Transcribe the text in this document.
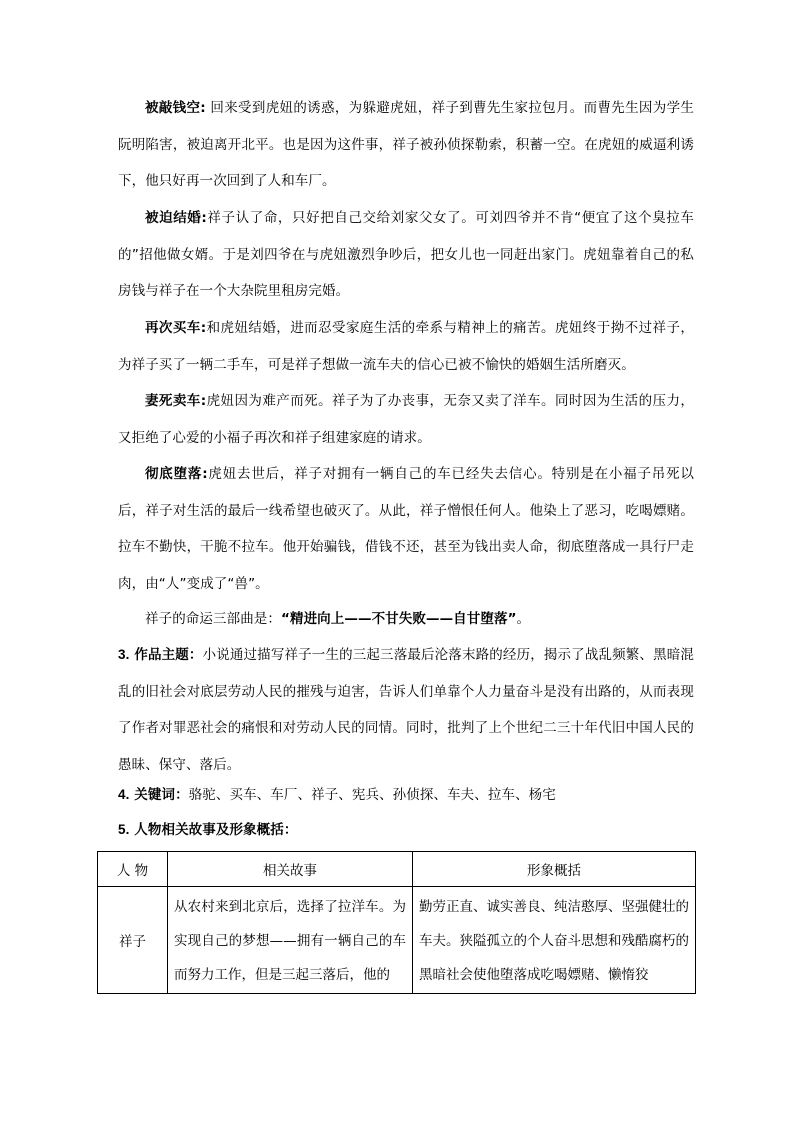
被敲钱空: 回来受到虎妞的诱惑，为躲避虎妞，祥子到曹先生家拉包月。而曹先生因为学生阮明陷害，被迫离开北平。也是因为这件事，祥子被孙侦探勒索，积蓄一空。在虎妞的威逼利诱下，他只好再一次回到了人和车厂。

被迫结婚:祥子认了命，只好把自己交给刘家父女了。可刘四爷并不肯“便宜了这个臭拉车的”招他做女婿。于是刘四爷在与虎妞激烈争吵后，把女儿也一同赶出家门。虎妞靠着自己的私房钱与祥子在一个大杂院里租房完婚。

再次买车:和虎妞结婚，进而忍受家庭生活的牵系与精神上的痛苦。虎妞终于拗不过祥子，为祥子买了一辆二手车，可是祥子想做一流车夫的信心已被不愉快的婚姻生活所磨灭。

妻死卖车:虎妞因为难产而死。祥子为了办丧事，无奈又卖了洋车。同时因为生活的压力，又拒绝了心爱的小福子再次和祥子组建家庭的请求。

彻底堕落:虎妞去世后，祥子对拥有一辆自己的车已经失去信心。特别是在小福子吊死以后，祥子对生活的最后一线希望也破灭了。从此，祥子憎恨任何人。他染上了恶习，吃喝嫖赌。拉车不勤快，干脆不拉车。他开始骗钱，借钱不还，甚至为钱出卖人命，彻底堕落成一具行尸走肉，由“人”变成了“兽”。

祥子的命运三部曲是：“精进向上——不甘失败——自甘堕落”。

3. 作品主题：小说通过描写祥子一生的三起三落最后沦落末路的经历，揭示了战乱频繁、黑暗混乱的旧社会对底层劳动人民的摧残与迫害，告诉人们单靠个人力量奋斗是没有出路的，从而表现了作者对罪恶社会的痛恨和对劳动人民的同情。同时，批判了上个世纪二三十年代旧中国人民的愚昧、保守、落后。

4. 关键词：骆驼、买车、车厂、祥子、宪兵、孙侦探、车夫、拉车、杨宅

5. 人物相关故事及形象概括：

人 物	相关故事	形象概括
祥子	从农村来到北京后，选择了拉洋车。为实现自己的梦想——拥有一辆自己的车而努力工作，但是三起三落后，他的	勤劳正直、诚实善良、纯洁憨厚、坚强健壮的车夫。狭隘孤立的个人奋斗思想和残酷腐朽的黑暗社会使他堕落成吃喝嫖赌、懒惰狡
